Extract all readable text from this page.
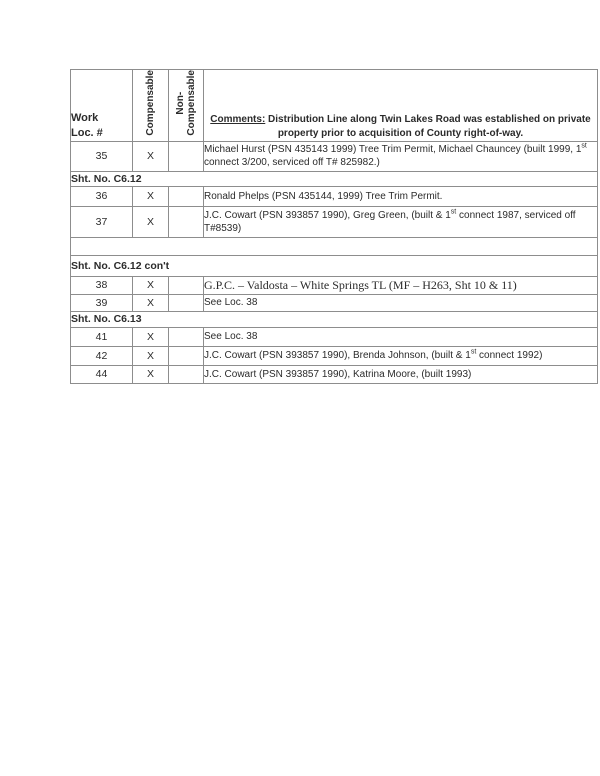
Work
Loc. #	Compensable	Non- Compensable	Comments: Distribution Line along Twin Lakes Road was established on private property prior to acquisition of County right-of-way.
35	X		Michael Hurst (PSN 435143 1999) Tree Trim Permit, Michael Chauncey (built 1999, 1st connect 3/200, serviced off T# 825982.)
Sht. No. C6.12			
36	X		Ronald Phelps (PSN 435144, 1999) Tree Trim Permit.
37	X		J.C. Cowart (PSN 393857 1990), Greg Green, (built & 1st connect 1987, serviced off T#8539)

Sht. No. C6.12 con't			
38	X		G.P.C. – Valdosta – White Springs TL (MF – H263, Sht 10 & 11)
39	X		See Loc. 38
Sht. No. C6.13			
41	X		See Loc. 38
42	X		J.C. Cowart (PSN 393857 1990), Brenda Johnson, (built & 1st connect 1992)
44	X		J.C. Cowart (PSN 393857 1990), Katrina Moore, (built 1993)
